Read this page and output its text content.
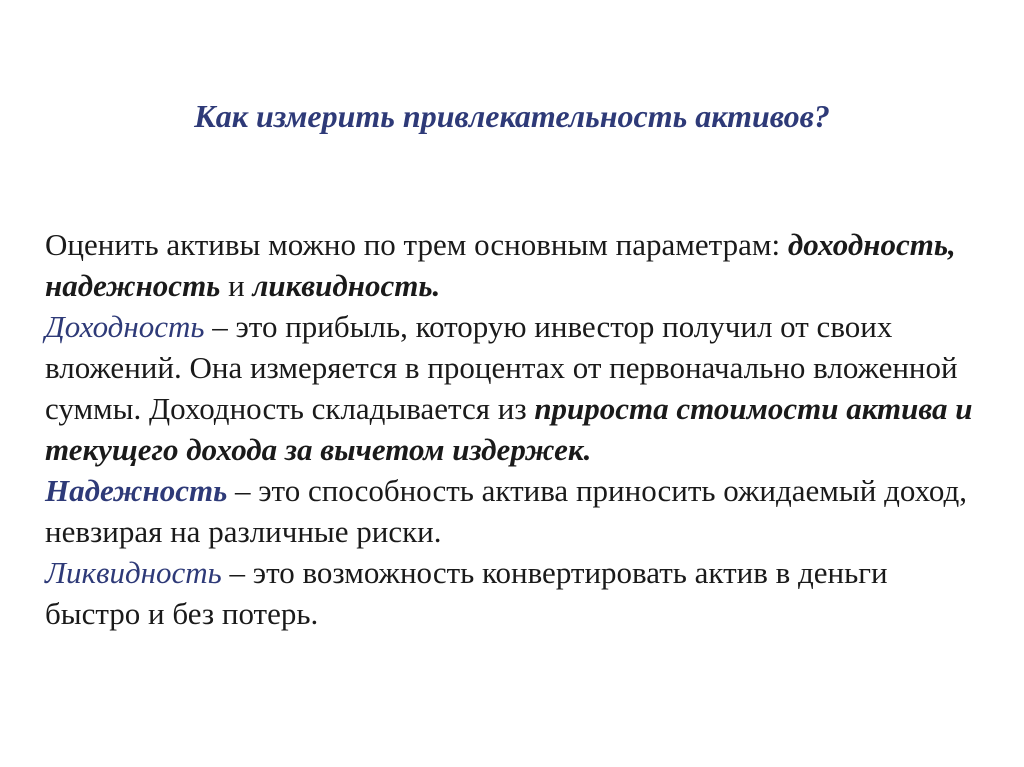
Как измерить привлекательность активов?

Оценить активы можно по трем основным параметрам: доходность, надежность и ликвидность.

Доходность – это прибыль, которую инвестор получил от своих вложений. Она измеряется в процентах от первоначально вложенной суммы. Доходность складывается из прироста стоимости актива и текущего дохода за вычетом издержек.

Надежность – это способность актива приносить ожидаемый доход, невзирая на различные риски.

Ликвидность – это возможность конвертировать актив в деньги быстро и без потерь.
